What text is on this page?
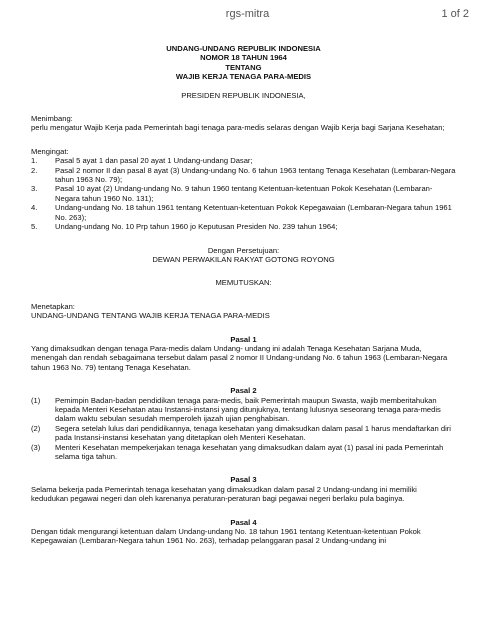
rgs-mitra	1 of 2
UNDANG-UNDANG REPUBLIK INDONESIA
NOMOR 18 TAHUN 1964
TENTANG
WAJIB KERJA TENAGA PARA-MEDIS
PRESIDEN REPUBLIK INDONESIA,
Menimbang:
perlu mengatur Wajib Kerja pada Pemerintah bagi tenaga para-medis selaras dengan Wajib Kerja bagi Sarjana Kesehatan;
Mengingat:
1. Pasal 5 ayat 1 dan pasal 20 ayat 1 Undang-undang Dasar;
2. Pasal 2 nomor II dan pasal 8 ayat (3) Undang-undang No. 6 tahun 1963 tentang Tenaga Kesehatan (Lembaran-Negara tahun 1963 No. 79);
3. Pasal 10 ayat (2) Undang-undang No. 9 tahun 1960 tentang Ketentuan-ketentuan Pokok Kesehatan (Lembaran-Negara tahun 1960 No. 131);
4. Undang-undang No. 18 tahun 1961 tentang Ketentuan-ketentuan Pokok Kepegawaian (Lembaran-Negara tahun 1961 No. 263);
5. Undang-undang No. 10 Prp tahun 1960 jo Keputusan Presiden No. 239 tahun 1964;
Dengan Persetujuan:
DEWAN PERWAKILAN RAKYAT GOTONG ROYONG
MEMUTUSKAN:
Menetapkan:
UNDANG-UNDANG TENTANG WAJIB KERJA TENAGA PARA-MEDIS
Pasal 1
Yang dimaksudkan dengan tenaga Para-medis dalam Undang- undang ini adalah Tenaga Kesehatan Sarjana Muda, menengah dan rendah sebagaimana tersebut dalam pasal 2 nomor II Undang-undang No. 6 tahun 1963 (Lembaran-Negara tahun 1963 No. 79) tentang Tenaga Kesehatan.
Pasal 2
(1) Pemimpin Badan-badan pendidikan tenaga para-medis, baik Pemerintah maupun Swasta, wajib memberitahukan kepada Menteri Kesehatan atau Instansi-instansi yang ditunjuknya, tentang lulusnya seseorang tenaga para-medis dalam waktu sebulan sesudah memperoleh ijazah ujian penghabisan.
(2) Segera setelah lulus dari pendidikannya, tenaga kesehatan yang dimaksudkan dalam pasal 1 harus mendaftarkan diri pada Instansi-instansi kesehatan yang ditetapkan oleh Menteri Kesehatan.
(3) Menteri Kesehatan mempekerjakan tenaga kesehatan yang dimaksudkan dalam ayat (1) pasal ini pada Pemerintah selama tiga tahun.
Pasal 3
Selama bekerja pada Pemerintah tenaga kesehatan yang dimaksudkan dalam pasal 2 Undang-undang ini memiliki kedudukan pegawai negeri dan oleh karenanya peraturan-peraturan bagi pegawai negeri berlaku pula baginya.
Pasal 4
Dengan tidak mengurangi ketentuan dalam Undang-undang No. 18 tahun 1961 tentang Ketentuan-ketentuan Pokok Kepegawaian (Lembaran-Negara tahun 1961 No. 263), terhadap pelanggaran pasal 2 Undang-undang ini
